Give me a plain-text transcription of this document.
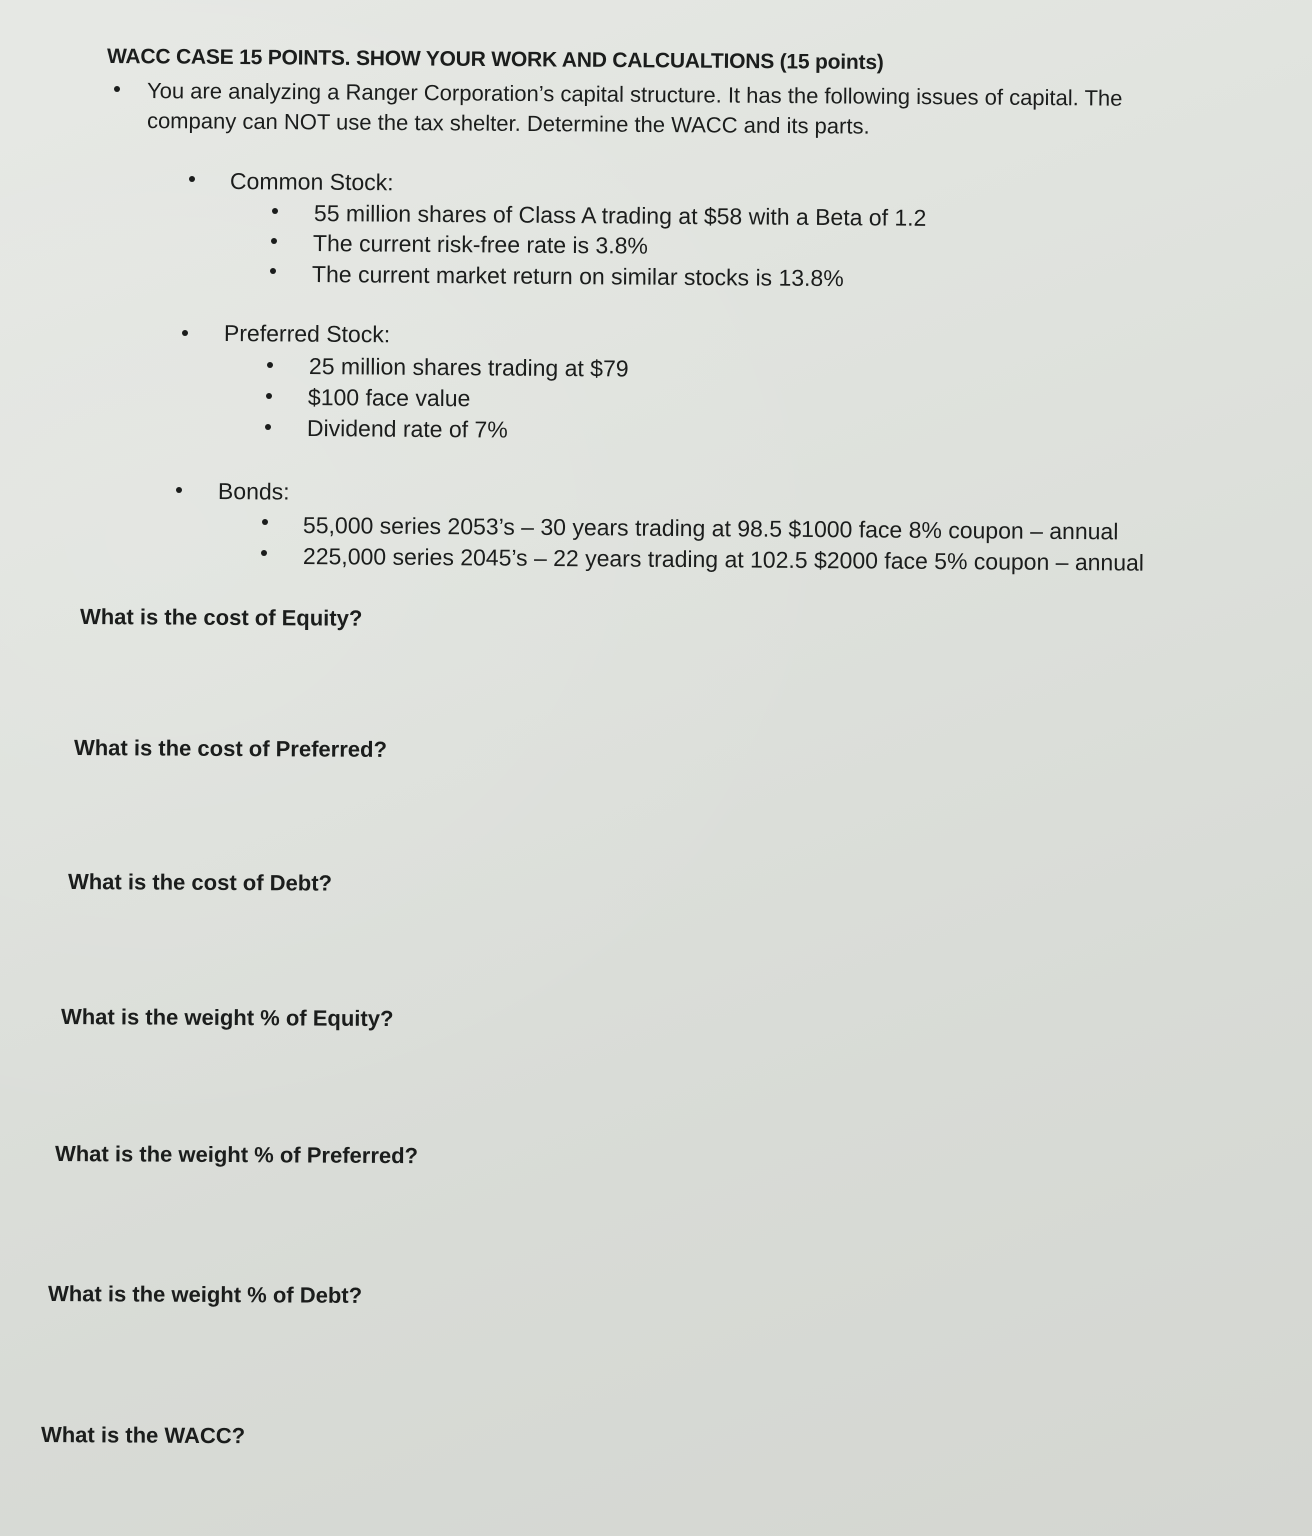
WACC CASE 15 POINTS. SHOW YOUR WORK AND CALCUALTIONS (15 points)
You are analyzing a Ranger Corporation’s capital structure. It has the following issues of capital. The
company can NOT use the tax shelter. Determine the WACC and its parts.
Common Stock:
55 million shares of Class A trading at $58 with a Beta of 1.2
The current risk-free rate is 3.8%
The current market return on similar stocks is 13.8%
Preferred Stock:
25 million shares trading at $79
$100 face value
Dividend rate of 7%
Bonds:
55,000 series 2053’s – 30 years trading at 98.5 $1000 face 8% coupon – annual
225,000 series 2045’s – 22 years trading at 102.5 $2000 face 5% coupon – annual
What is the cost of Equity?
What is the cost of Preferred?
What is the cost of Debt?
What is the weight % of Equity?
What is the weight % of Preferred?
What is the weight % of Debt?
What is the WACC?
